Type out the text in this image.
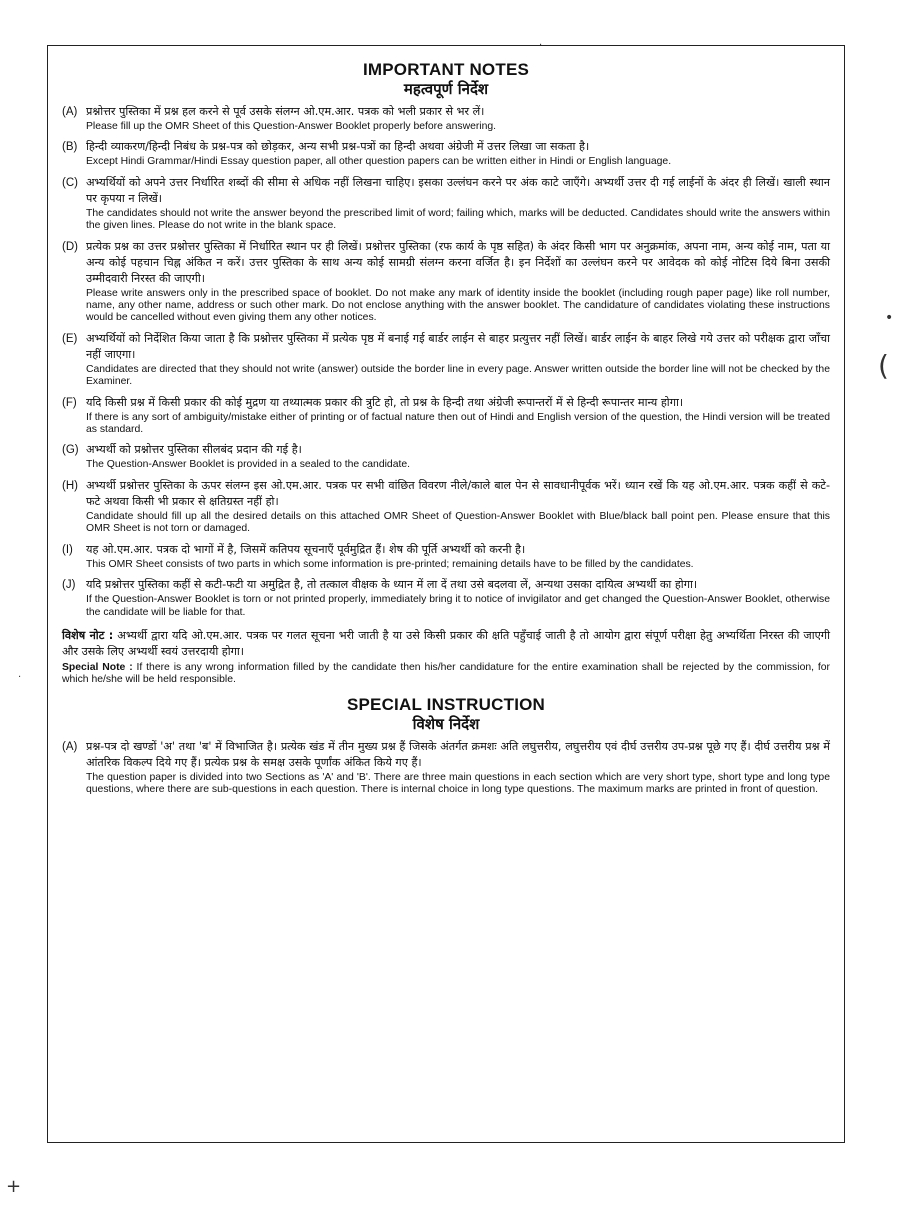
IMPORTANT NOTES
महत्वपूर्ण निर्देश
(A) प्रश्नोत्तर पुस्तिका में प्रश्न हल करने से पूर्व उसके संलग्न ओ.एम.आर. पत्रक को भली प्रकार से भर लें।
Please fill up the OMR Sheet of this Question-Answer Booklet properly before answering.
(B) हिन्दी व्याकरण/हिन्दी निबंध के प्रश्न-पत्र को छोड़कर, अन्य सभी प्रश्न-पत्रों का हिन्दी अथवा अंग्रेजी में उत्तर लिखा जा सकता है।
Except Hindi Grammar/Hindi Essay question paper, all other question papers can be written either in Hindi or English language.
(C) अभ्यर्थियों को अपने उत्तर निर्धारित शब्दों की सीमा से अधिक नहीं लिखना चाहिए। इसका उल्लंघन करने पर अंक काटे जाएँगे। अभ्यर्थी उत्तर दी गई लाईनों के अंदर ही लिखें। खाली स्थान पर कृपया न लिखें।
The candidates should not write the answer beyond the prescribed limit of word; failing which, marks will be deducted. Candidates should write the answers within the given lines. Please do not write in the blank space.
(D) प्रत्येक प्रश्न का उत्तर प्रश्नोत्तर पुस्तिका में निर्धारित स्थान पर ही लिखें। प्रश्नोत्तर पुस्तिका (रफ कार्य के पृष्ठ सहित) के अंदर किसी भाग पर अनुक्रमांक, अपना नाम, अन्य कोई नाम, पता या अन्य कोई पहचान चिह्न अंकित न करें। उत्तर पुस्तिका के साथ अन्य कोई सामग्री संलग्न करना वर्जित है। इन निर्देशों का उल्लंघन करने पर आवेदक को कोई नोटिस दिये बिना उसकी उम्मीदवारी निरस्त की जाएगी।
Please write answers only in the prescribed space of booklet. Do not make any mark of identity inside the booklet (including rough paper page) like roll number, name, any other name, address or such other mark. Do not enclose anything with the answer booklet. The candidature of candidates violating these instructions would be cancelled without even giving them any other notices.
(E) अभ्यर्थियों को निर्देशित किया जाता है कि प्रश्नोत्तर पुस्तिका में प्रत्येक पृष्ठ में बनाई गई बार्डर लाईन से बाहर प्रत्युत्तर नहीं लिखें। बार्डर लाईन के बाहर लिखे गये उत्तर को परीक्षक द्वारा जाँचा नहीं जाएगा।
Candidates are directed that they should not write (answer) outside the border line in every page. Answer written outside the border line will not be checked by the Examiner.
(F) यदि किसी प्रश्न में किसी प्रकार की कोई मुद्रण या तथ्यात्मक प्रकार की त्रुटि हो, तो प्रश्न के हिन्दी तथा अंग्रेजी रूपान्तरों में से हिन्दी रूपान्तर मान्य होगा।
If there is any sort of ambiguity/mistake either of printing or of factual nature then out of Hindi and English version of the question, the Hindi version will be treated as standard.
(G) अभ्यर्थी को प्रश्नोत्तर पुस्तिका सीलबंद प्रदान की गई है।
The Question-Answer Booklet is provided in a sealed to the candidate.
(H) अभ्यर्थी प्रश्नोत्तर पुस्तिका के ऊपर संलग्न इस ओ.एम.आर. पत्रक पर सभी वांछित विवरण नीले/काले बाल पेन से सावधानीपूर्वक भरें। ध्यान रखें कि यह ओ.एम.आर. पत्रक कहीं से कटे-फटे अथवा किसी भी प्रकार से क्षतिग्रस्त नहीं हो।
Candidate should fill up all the desired details on this attached OMR Sheet of Question-Answer Booklet with Blue/black ball point pen. Please ensure that this OMR Sheet is not torn or damaged.
(I)	यह ओ.एम.आर. पत्रक दो भागों में है, जिसमें कतिपय सूचनाएँ पूर्वमुद्रित हैं। शेष की पूर्ति अभ्यर्थी को करनी है।
This OMR Sheet consists of two parts in which some information is pre-printed; remaining details have to be filled by the candidates.
(J) यदि प्रश्नोत्तर पुस्तिका कहीं से कटी-फटी या अमुद्रित है, तो तत्काल वीक्षक के ध्यान में ला दें तथा उसे बदलवा लें, अन्यथा उसका दायित्व अभ्यर्थी का होगा।
If the Question-Answer Booklet is torn or not printed properly, immediately bring it to notice of invigilator and get changed the Question-Answer Booklet, otherwise the candidate will be liable for that.
विशेष नोट : अभ्यर्थी द्वारा यदि ओ.एम.आर. पत्रक पर गलत सूचना भरी जाती है या उसे किसी प्रकार की क्षति पहुँचाई जाती है तो आयोग द्वारा संपूर्ण परीक्षा हेतु अभ्यर्थिता निरस्त की जाएगी और उसके लिए अभ्यर्थी स्वयं उत्तरदायी होगा।
Special Note : If there is any wrong information filled by the candidate then his/her candidature for the entire examination shall be rejected by the commission, for which he/she will be held responsible.
SPECIAL INSTRUCTION
विशेष निर्देश
(A) प्रश्न-पत्र दो खण्डों 'अ' तथा 'ब' में विभाजित है। प्रत्येक खंड में तीन मुख्य प्रश्न हैं जिसके अंतर्गत क्रमशः अति लघुत्तरीय, लघुत्तरीय एवं दीर्घ उत्तरीय उप-प्रश्न पूछे गए हैं। दीर्घ उत्तरीय प्रश्न में आंतरिक विकल्प दिये गए हैं। प्रत्येक प्रश्न के समक्ष उसके पूर्णांक अंकित किये गए हैं।
The question paper is divided into two Sections as 'A' and 'B'. There are three main questions in each section which are very short type, short type and long type questions, where there are sub-questions in each question. There is internal choice in long type questions. The maximum marks are printed in front of question.
·
•
(
·
+
